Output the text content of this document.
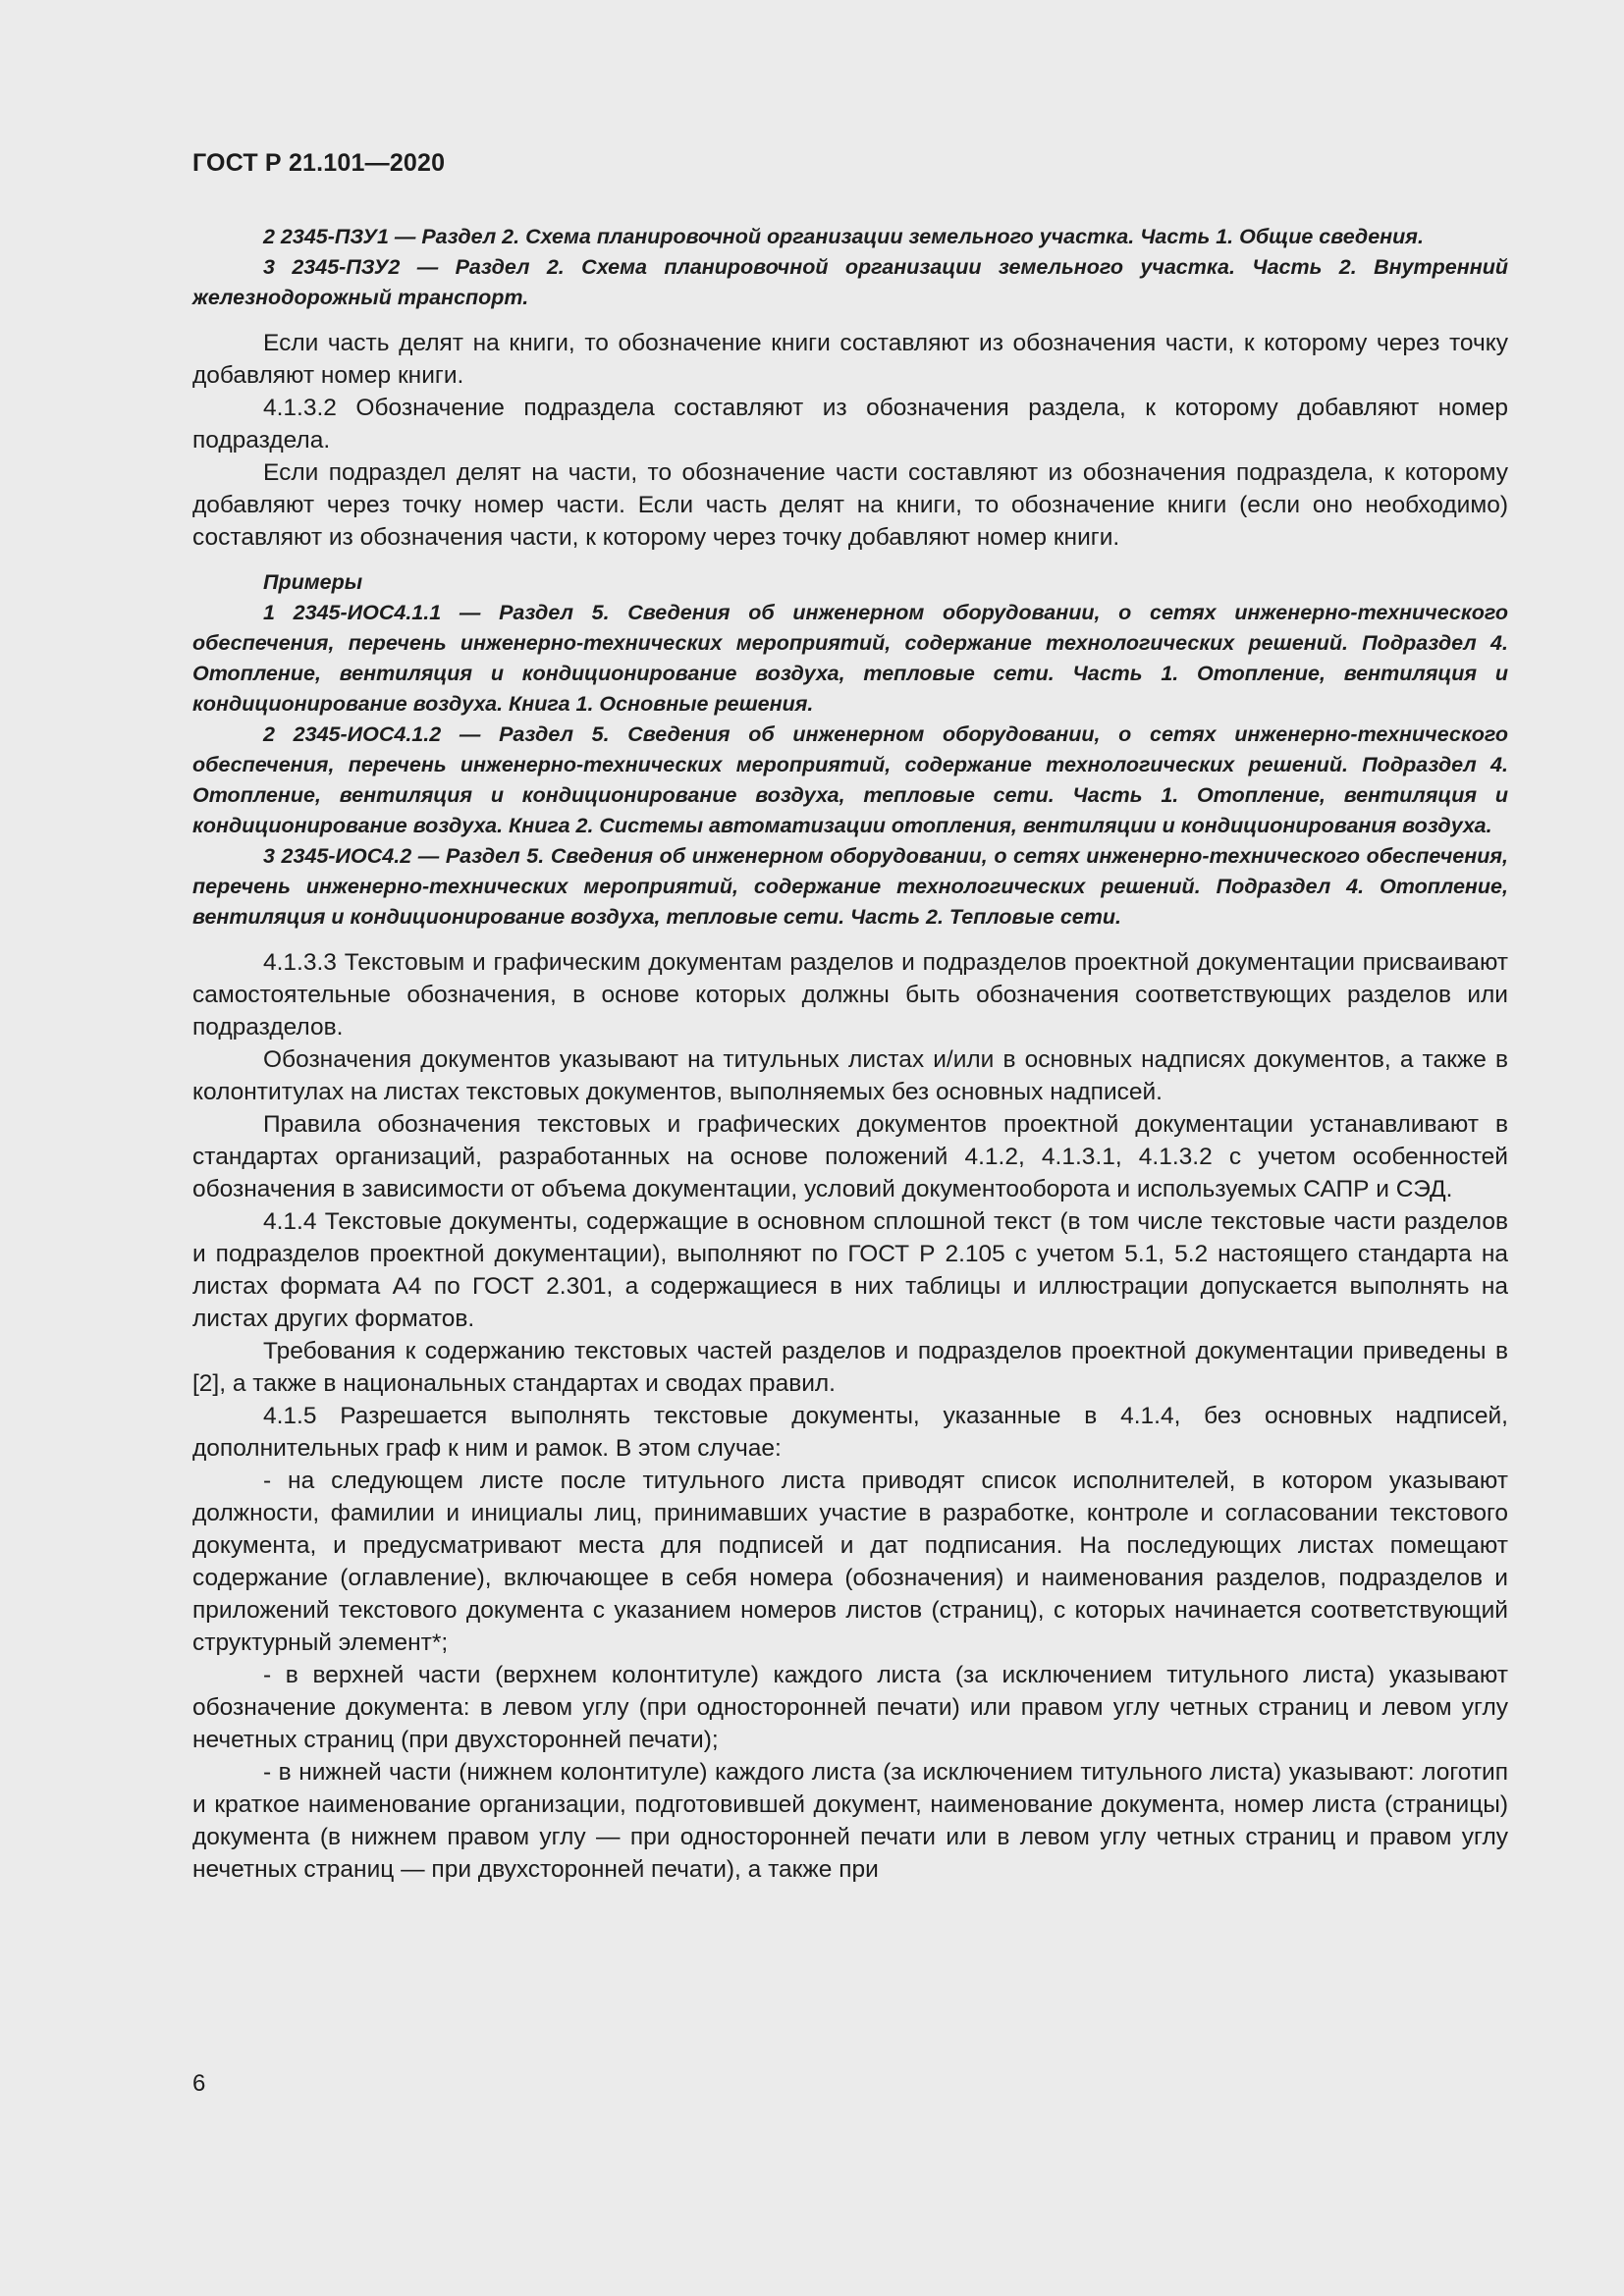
ГОСТ Р 21.101—2020

2 2345-ПЗУ1 — Раздел 2. Схема планировочной организации земельного участка. Часть 1. Общие сведения.

3 2345-ПЗУ2 — Раздел 2. Схема планировочной организации земельного участка. Часть 2. Внутренний железнодорожный транспорт.

Если часть делят на книги, то обозначение книги составляют из обозначения части, к которому через точку добавляют номер книги.

4.1.3.2 Обозначение подраздела составляют из обозначения раздела, к которому добавляют номер подраздела.

Если подраздел делят на части, то обозначение части составляют из обозначения подраздела, к которому добавляют через точку номер части. Если часть делят на книги, то обозначение книги (если оно необходимо) составляют из обозначения части, к которому через точку добавляют номер книги.

Примеры

1 2345-ИОС4.1.1 — Раздел 5. Сведения об инженерном оборудовании, о сетях инженерно-технического обеспечения, перечень инженерно-технических мероприятий, содержание технологических решений. Подраздел 4. Отопление, вентиляция и кондиционирование воздуха, тепловые сети. Часть 1. Отопление, вентиляция и кондиционирование воздуха. Книга 1. Основные решения.

2 2345-ИОС4.1.2 — Раздел 5. Сведения об инженерном оборудовании, о сетях инженерно-технического обеспечения, перечень инженерно-технических мероприятий, содержание технологических решений. Подраздел 4. Отопление, вентиляция и кондиционирование воздуха, тепловые сети. Часть 1. Отопление, вентиляция и кондиционирование воздуха. Книга 2. Системы автоматизации отопления, вентиляции и кондиционирования воздуха.

3 2345-ИОС4.2 — Раздел 5. Сведения об инженерном оборудовании, о сетях инженерно-технического обеспечения, перечень инженерно-технических мероприятий, содержание технологических решений. Подраздел 4. Отопление, вентиляция и кондиционирование воздуха, тепловые сети. Часть 2. Тепловые сети.

4.1.3.3 Текстовым и графическим документам разделов и подразделов проектной документации присваивают самостоятельные обозначения, в основе которых должны быть обозначения соответствующих разделов или подразделов.

Обозначения документов указывают на титульных листах и/или в основных надписях документов, а также в колонтитулах на листах текстовых документов, выполняемых без основных надписей.

Правила обозначения текстовых и графических документов проектной документации устанавливают в стандартах организаций, разработанных на основе положений 4.1.2, 4.1.3.1, 4.1.3.2 с учетом особенностей обозначения в зависимости от объема документации, условий документооборота и используемых САПР и СЭД.

4.1.4 Текстовые документы, содержащие в основном сплошной текст (в том числе текстовые части разделов и подразделов проектной документации), выполняют по ГОСТ Р 2.105 с учетом 5.1, 5.2 настоящего стандарта на листах формата А4 по ГОСТ 2.301, а содержащиеся в них таблицы и иллюстрации допускается выполнять на листах других форматов.

Требования к содержанию текстовых частей разделов и подразделов проектной документации приведены в [2], а также в национальных стандартах и сводах правил.

4.1.5 Разрешается выполнять текстовые документы, указанные в 4.1.4, без основных надписей, дополнительных граф к ним и рамок. В этом случае:

- на следующем листе после титульного листа приводят список исполнителей, в котором указывают должности, фамилии и инициалы лиц, принимавших участие в разработке, контроле и согласовании текстового документа, и предусматривают места для подписей и дат подписания. На последующих листах помещают содержание (оглавление), включающее в себя номера (обозначения) и наименования разделов, подразделов и приложений текстового документа с указанием номеров листов (страниц), с которых начинается соответствующий структурный элемент*;

- в верхней части (верхнем колонтитуле) каждого листа (за исключением титульного листа) указывают обозначение документа: в левом углу (при односторонней печати) или правом углу четных страниц и левом углу нечетных страниц (при двухсторонней печати);

- в нижней части (нижнем колонтитуле) каждого листа (за исключением титульного листа) указывают: логотип и краткое наименование организации, подготовившей документ, наименование документа, номер листа (страницы) документа (в нижнем правом углу — при односторонней печати или в левом углу четных страниц и правом углу нечетных страниц — при двухсторонней печати), а также при

6
